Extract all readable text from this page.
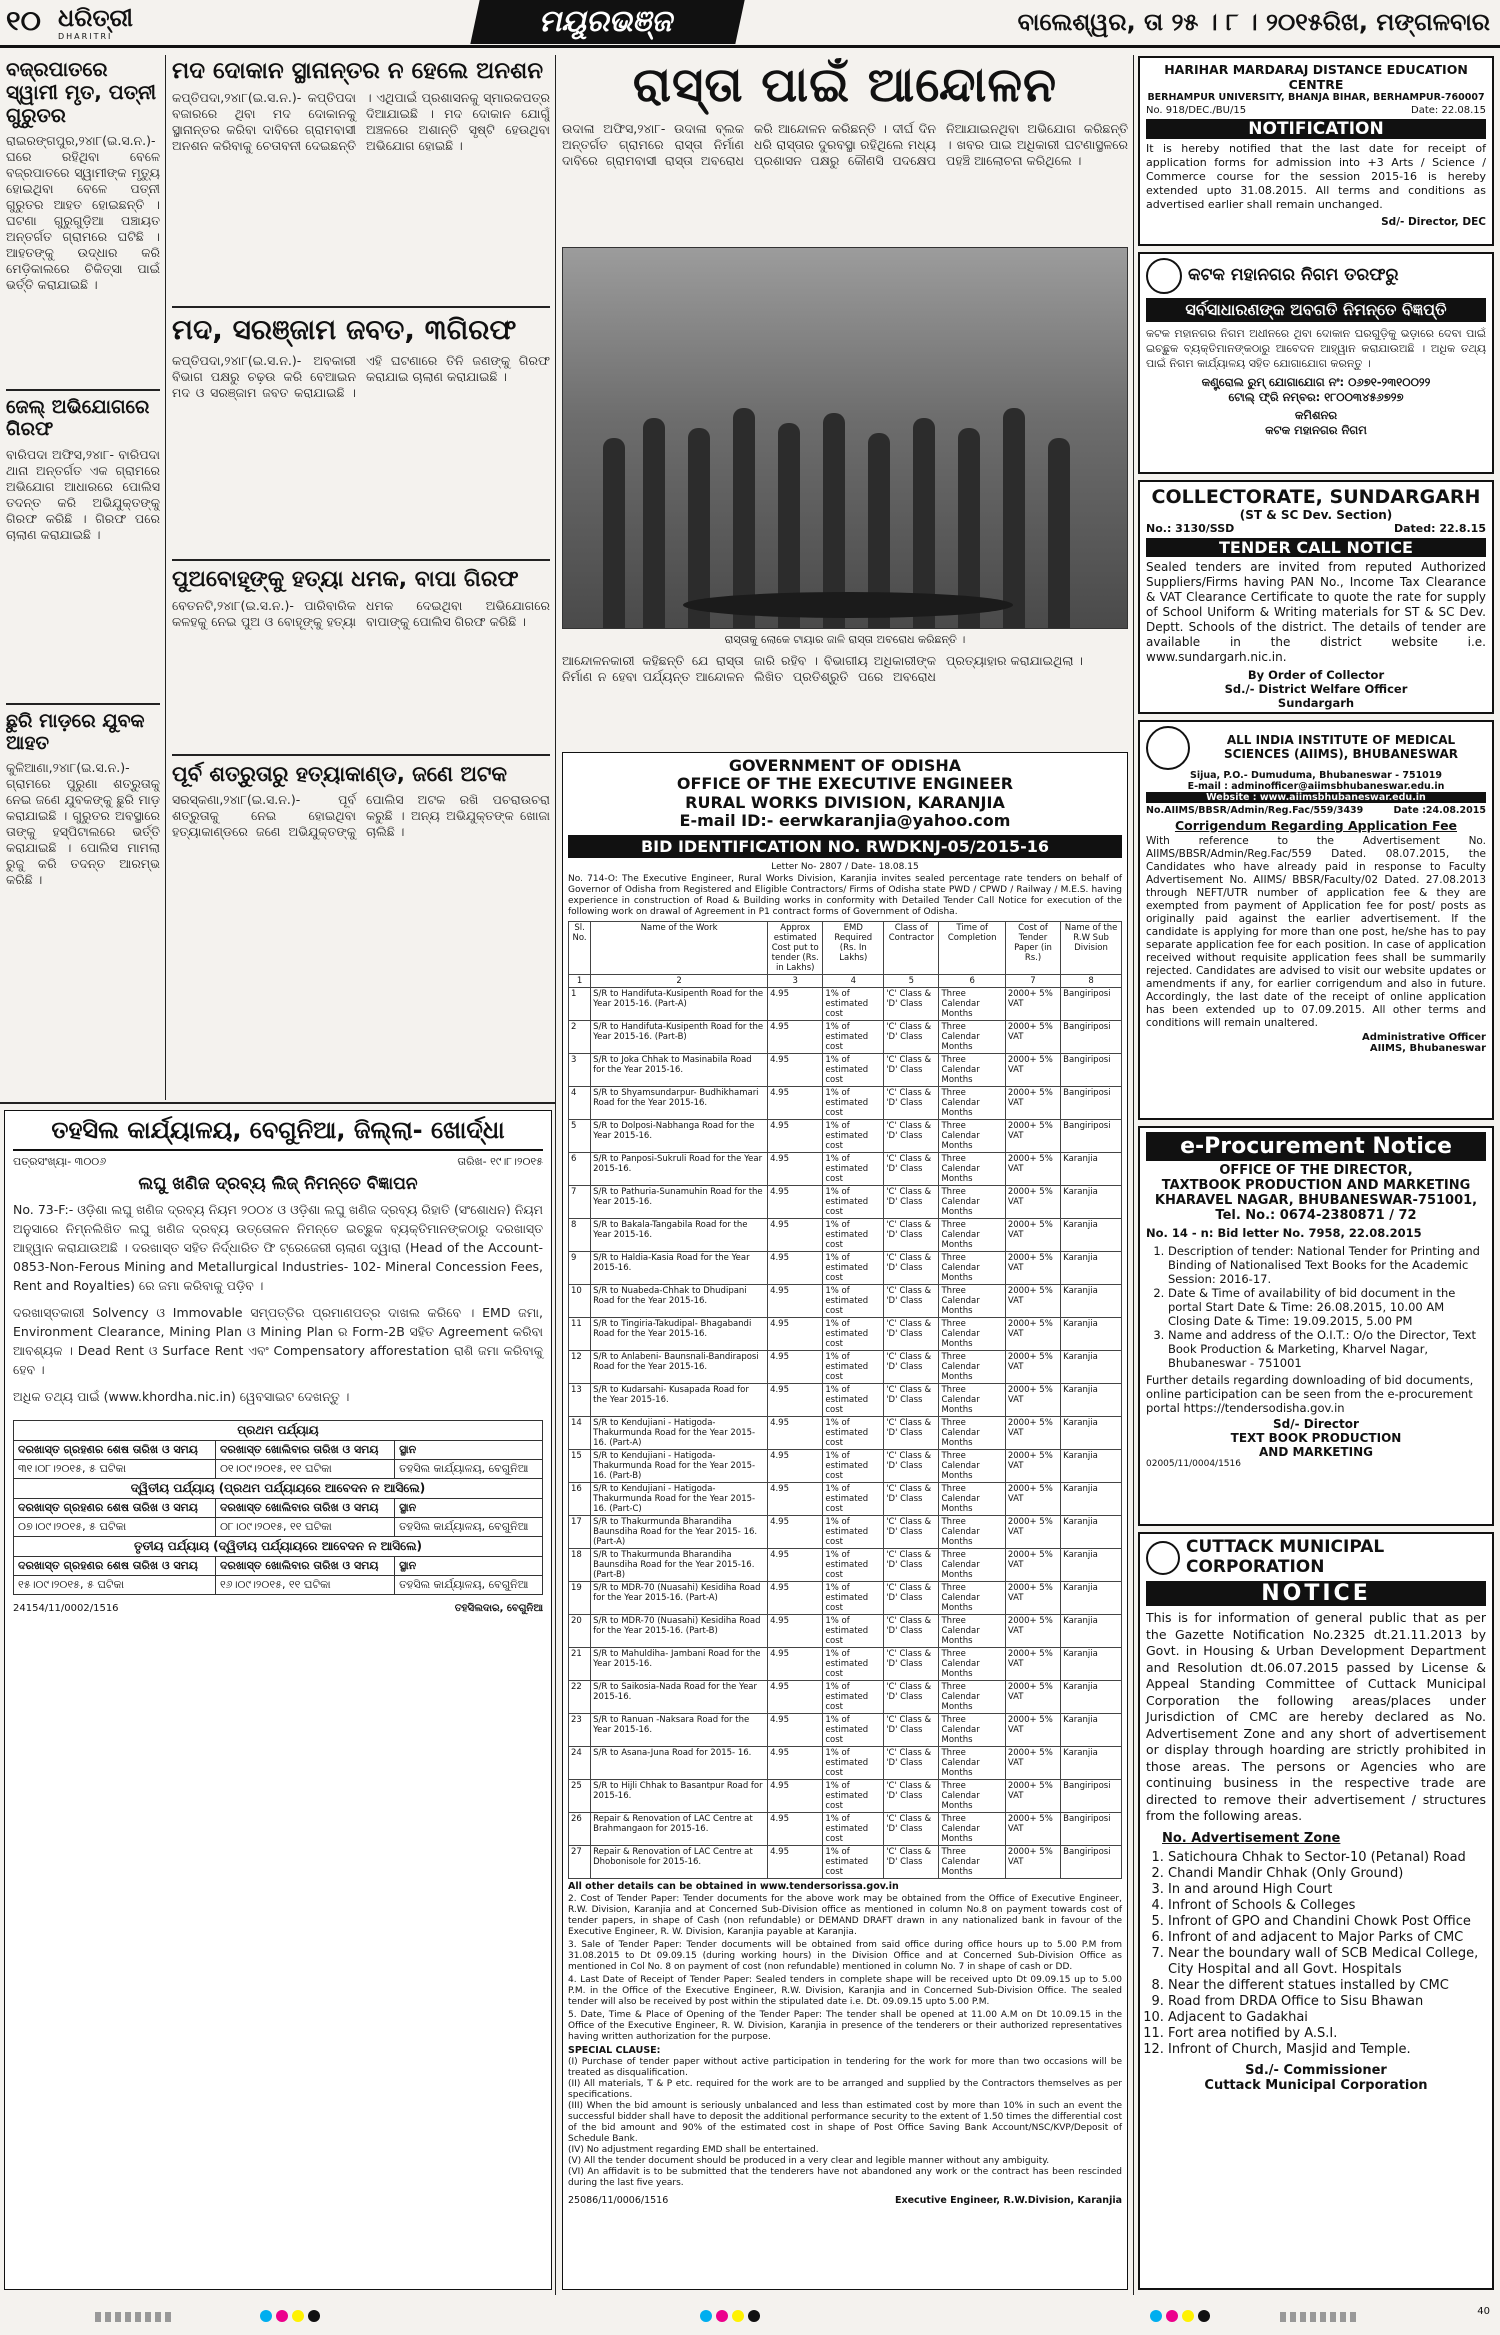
୧୦ ଧରିତ୍ରୀ
DHARITRI	ମୟୂରଭଞ୍ଜ	ବାଲେଶ୍ୱର, ତା ୨୫ । ୮ । ୨୦୧୫ରିଖ, ମଙ୍ଗଳବାର
ବଜ୍ରପାତରେ ସ୍ୱାମୀ ମୃତ, ପତ୍ନୀ ଗୁରୁତର
ରାଇରଙ୍ଗପୁର,୨୪ା୮(ଇ.ସ.ନ.)- ଘରେ ରହିଥିବା ବେଳେ ବଜ୍ରପାତରେ ସ୍ୱାମୀଙ୍କ ମୃତ୍ୟୁ ହୋଇଥିବା ବେଳେ ପତ୍ନୀ ଗୁରୁତର ଆହତ ହୋଇଛନ୍ତି । ଘଟଣା ଗୁରୁଗୁଡ଼ିଆ ପଞ୍ଚାୟତ ଅନ୍ତର୍ଗତ ଗ୍ରାମରେ ଘଟିଛି । ଆହତଙ୍କୁ ଉଦ୍ଧାର କରି ମେଡ଼ିକାଲରେ ଚିକିତ୍ସା ପାଇଁ ଭର୍ତ୍ତି କରାଯାଇଛି ।
ଜେଲ୍ ଅଭିଯୋଗରେ ଗିରଫ
ବାରିପଦା ଅଫିସ,୨୪ା୮- ବାରିପଦା ଥାନା ଅନ୍ତର୍ଗତ ଏକ ଗ୍ରାମରେ ଅଭିଯୋଗ ଆଧାରରେ ପୋଲିସ ତଦନ୍ତ କରି ଅଭିଯୁକ୍ତଙ୍କୁ ଗିରଫ କରିଛି । ଗିରଫ ପରେ ଚାଲାଣ କରାଯାଇଛି ।
ଛୁରି ମାଡ଼ରେ ଯୁବକ ଆହତ
କୁଳିଆଣା,୨୪ା୮(ଇ.ସ.ନ.)- ଗ୍ରାମରେ ପୁରୁଣା ଶତ୍ରୁତାକୁ ନେଇ ଜଣେ ଯୁବକଙ୍କୁ ଛୁରି ମାଡ଼ କରାଯାଇଛି । ଗୁରୁତର ଅବସ୍ଥାରେ ତାଙ୍କୁ ହସ୍ପିଟାଲରେ ଭର୍ତ୍ତି କରାଯାଇଛି । ପୋଲିସ ମାମଲା ରୁଜୁ କରି ତଦନ୍ତ ଆରମ୍ଭ କରିଛି ।
ମଦ ଦୋକାନ ସ୍ଥାନାନ୍ତର ନ ହେଲେ ଅନଶନ
କପ୍ତିପଦା,୨୪ା୮(ଇ.ସ.ନ.)- କପ୍ତିପଦା ବଜାରରେ ଥିବା ମଦ ଦୋକାନକୁ ସ୍ଥାନାନ୍ତର କରିବା ଦାବିରେ ଗ୍ରାମବାସୀ ଅନଶନ କରିବାକୁ ଚେତାବନୀ ଦେଇଛନ୍ତି । ଏଥିପାଇଁ ପ୍ରଶାସନକୁ ସ୍ମାରକପତ୍ର ଦିଆଯାଇଛି । ମଦ ଦୋକାନ ଯୋଗୁଁ ଅଞ୍ଚଳରେ ଅଶାନ୍ତି ସୃଷ୍ଟି ହେଉଥିବା ଅଭିଯୋଗ ହୋଇଛି ।
ମଦ, ସରଞ୍ଜାମ ଜବତ, ୩ଗିରଫ
କପ୍ତିପଦା,୨୪ା୮(ଇ.ସ.ନ.)- ଅବକାରୀ ବିଭାଗ ପକ୍ଷରୁ ଚଢ଼ଉ କରି ବେଆଇନ ମଦ ଓ ସରଞ୍ଜାମ ଜବତ କରାଯାଇଛି । ଏହି ଘଟଣାରେ ତିନି ଜଣଙ୍କୁ ଗିରଫ କରାଯାଇ ଚାଲାଣ କରାଯାଇଛି ।
ପୁଅବୋହୂଙ୍କୁ ହତ୍ୟା ଧମକ, ବାପା ଗିରଫ
ବେତନଟି,୨୪ା୮(ଇ.ସ.ନ.)- ପାରିବାରିକ କଳହକୁ ନେଇ ପୁଅ ଓ ବୋହୂଙ୍କୁ ହତ୍ୟା ଧମକ ଦେଇଥିବା ଅଭିଯୋଗରେ ବାପାଙ୍କୁ ପୋଲିସ ଗିରଫ କରିଛି ।
ପୂର୍ବ ଶତ୍ରୁତାରୁ ହତ୍ୟାକାଣ୍ଡ, ଜଣେ ଅଟକ
ସରସ୍କଣା,୨୪ା୮(ଇ.ସ.ନ.)- ପୂର୍ବ ଶତ୍ରୁତାକୁ ନେଇ ହୋଇଥିବା ହତ୍ୟାକାଣ୍ଡରେ ଜଣେ ଅଭିଯୁକ୍ତଙ୍କୁ ପୋଲିସ ଅଟକ ରଖି ପଚରାଉଚରା କରୁଛି । ଅନ୍ୟ ଅଭିଯୁକ୍ତଙ୍କ ଖୋଜା ଚାଲିଛି ।
ତହସିଲ କାର୍ଯ୍ୟାଳୟ, ବେଗୁନିଆ, ଜିଲ୍ଲା- ଖୋର୍ଦ୍ଧା
ପତ୍ରସଂଖ୍ୟା- ୩୦୦୬	ତାରିଖ- ୧୯।୮।୨୦୧୫
ଲଘୁ ଖଣିଜ ଦ୍ରବ୍ୟ ଲିଜ୍ ନିମନ୍ତେ ବିଜ୍ଞାପନ
No. 73-F:- ଓଡ଼ିଶା ଲଘୁ ଖଣିଜ ଦ୍ରବ୍ୟ ନିୟମ ୨୦୦୪ ଓ ଓଡ଼ିଶା ଲଘୁ ଖଣିଜ ଦ୍ରବ୍ୟ ରିହାତି (ସଂଶୋଧନ) ନିୟମ ଅନୁସାରେ ନିମ୍ନଲିଖିତ ଲଘୁ ଖଣିଜ ଦ୍ରବ୍ୟ ଉତ୍ତୋଳନ ନିମନ୍ତେ ଇଚ୍ଛୁକ ବ୍ୟକ୍ତିମାନଙ୍କଠାରୁ ଦରଖାସ୍ତ ଆହ୍ୱାନ କରାଯାଉଅଛି । ଦରଖାସ୍ତ ସହିତ ନିର୍ଦ୍ଧାରିତ ଫି ଟ୍ରେଜେରୀ ଚାଲାଣ ଦ୍ୱାରା (Head of the Account-0853-Non-Ferous Mining and Metallurgical Industries- 102- Mineral Concession Fees, Rent and Royalties) ରେ ଜମା କରିବାକୁ ପଡ଼ିବ ।
ଦରଖାସ୍ତକାରୀ Solvency ଓ Immovable ସମ୍ପତ୍ତିର ପ୍ରମାଣପତ୍ର ଦାଖଲ କରିବେ । EMD ଜମା, Environment Clearance, Mining Plan ଓ Mining Plan ର Form-2B ସହିତ Agreement କରିବା ଆବଶ୍ୟକ । Dead Rent ଓ Surface Rent ଏବଂ Compensatory afforestation ରାଶି ଜମା କରିବାକୁ ହେବ ।
ଅଧିକ ତଥ୍ୟ ପାଇଁ (www.khordha.nic.in) ୱେବସାଇଟ ଦେଖନ୍ତୁ ।
ପ୍ରଥମ ପର୍ଯ୍ୟାୟ
ଦରଖାସ୍ତ ଗ୍ରହଣର ଶେଷ ତାରିଖ ଓ ସମୟ	ଦରଖାସ୍ତ ଖୋଲିବାର ତାରିଖ ଓ ସମୟ	ସ୍ଥାନ
୩୧।୦୮।୨୦୧୫, ୫ ଘଟିକା	୦୧।୦୯।୨୦୧୫, ୧୧ ଘଟିକା	ତହସିଲ କାର୍ଯ୍ୟାଳୟ, ବେଗୁନିଆ
ଦ୍ୱିତୀୟ ପର୍ଯ୍ୟାୟ (ପ୍ରଥମ ପର୍ଯ୍ୟାୟରେ ଆବେଦନ ନ ଆସିଲେ)
ଦରଖାସ୍ତ ଗ୍ରହଣର ଶେଷ ତାରିଖ ଓ ସମୟ	ଦରଖାସ୍ତ ଖୋଲିବାର ତାରିଖ ଓ ସମୟ	ସ୍ଥାନ
୦୭।୦୯।୨୦୧୫, ୫ ଘଟିକା	୦୮।୦୯।୨୦୧୫, ୧୧ ଘଟିକା	ତହସିଲ କାର୍ଯ୍ୟାଳୟ, ବେଗୁନିଆ
ତୃତୀୟ ପର୍ଯ୍ୟାୟ (ଦ୍ୱିତୀୟ ପର୍ଯ୍ୟାୟରେ ଆବେଦନ ନ ଆସିଲେ)
ଦରଖାସ୍ତ ଗ୍ରହଣର ଶେଷ ତାରିଖ ଓ ସମୟ	ଦରଖାସ୍ତ ଖୋଲିବାର ତାରିଖ ଓ ସମୟ	ସ୍ଥାନ
୧୫।୦୯।୨୦୧୫, ୫ ଘଟିକା	୧୬।୦୯।୨୦୧୫, ୧୧ ଘଟିକା	ତହସିଲ କାର୍ଯ୍ୟାଳୟ, ବେଗୁନିଆ
24154/11/0002/1516	ତହସିଲଦାର, ବେଗୁନିଆ
ରାସ୍ତା ପାଇଁ ଆନ୍ଦୋଳନ
ଉଦାଳା ଅଫିସ,୨୪ା୮- ଉଦାଳା ବ୍ଲକ ଅନ୍ତର୍ଗତ ଗ୍ରାମରେ ରାସ୍ତା ନିର୍ମାଣ ଦାବିରେ ଗ୍ରାମବାସୀ ରାସ୍ତା ଅବରୋଧ କରି ଆନ୍ଦୋଳନ କରିଛନ୍ତି । ଦୀର୍ଘ ଦିନ ଧରି ରାସ୍ତାର ଦୁରବସ୍ଥା ରହିଥିଲେ ମଧ୍ୟ ପ୍ରଶାସନ ପକ୍ଷରୁ କୌଣସି ପଦକ୍ଷେପ ନିଆଯାଇନଥିବା ଅଭିଯୋଗ କରିଛନ୍ତି । ଖବର ପାଇ ଅଧିକାରୀ ଘଟଣାସ୍ଥଳରେ ପହଞ୍ଚି ଆଲୋଚନା କରିଥିଲେ ।
ରାସ୍ତାକୁ ଲୋକେ ଟାୟାର ଜାଳି ରାସ୍ତା ଅବରୋଧ କରିଛନ୍ତି ।
ଆନ୍ଦୋଳନକାରୀ କହିଛନ୍ତି ଯେ ରାସ୍ତା ନିର୍ମାଣ ନ ହେବା ପର୍ଯ୍ୟନ୍ତ ଆନ୍ଦୋଳନ ଜାରି ରହିବ । ବିଭାଗୀୟ ଅଧିକାରୀଙ୍କ ଲିଖିତ ପ୍ରତିଶ୍ରୁତି ପରେ ଅବରୋଧ ପ୍ରତ୍ୟାହାର କରାଯାଇଥିଲା ।
GOVERNMENT OF ODISHA
OFFICE OF THE EXECUTIVE ENGINEER
RURAL WORKS DIVISION, KARANJIA
E-mail ID:- eerwkaranjia@yahoo.com
BID IDENTIFICATION NO. RWDKNJ-05/2015-16
Letter No- 2807 / Date- 18.08.15
No. 714-O: The Executive Engineer, Rural Works Division, Karanjia invites sealed percentage rate tenders on behalf of Governor of Odisha from Registered and Eligible Contractors/ Firms of Odisha state PWD / CPWD / Railway / M.E.S. having experience in construction of Road & Building works in conformity with Detailed Tender Call Notice for execution of the following work on drawal of Agreement in P1 contract forms of Government of Odisha.
Sl. No.	Name of the Work	Approx estimated Cost put to tender (Rs. in Lakhs)	EMD Required (Rs. In Lakhs)	Class of Contractor	Time of Completion	Cost of Tender Paper (in Rs.)	Name of the R.W Sub Division
1	2	3	4	5	6	7	8
1	S/R to Handifuta-Kusipenth Road for the Year 2015-16. (Part-A)	4.95	1% of estimated cost	'C' Class & 'D' Class	Three Calendar Months	2000+ 5% VAT	Bangiriposi
2	S/R to Handifuta-Kusipenth Road for the Year 2015-16. (Part-B)	4.95	1% of estimated cost	'C' Class & 'D' Class	Three Calendar Months	2000+ 5% VAT	Bangiriposi
3	S/R to Joka Chhak to Masinabila Road for the Year 2015-16.	4.95	1% of estimated cost	'C' Class & 'D' Class	Three Calendar Months	2000+ 5% VAT	Bangiriposi
4	S/R to Shyamsundarpur- Budhikhamari Road for the Year 2015-16.	4.95	1% of estimated cost	'C' Class & 'D' Class	Three Calendar Months	2000+ 5% VAT	Bangiriposi
5	S/R to Dolposi-Nabhanga Road for the Year 2015-16.	4.95	1% of estimated cost	'C' Class & 'D' Class	Three Calendar Months	2000+ 5% VAT	Bangiriposi
6	S/R to Panposi-Sukruli Road for the Year 2015-16.	4.95	1% of estimated cost	'C' Class & 'D' Class	Three Calendar Months	2000+ 5% VAT	Karanjia
7	S/R to Pathuria-Sunamuhin Road for the Year 2015-16.	4.95	1% of estimated cost	'C' Class & 'D' Class	Three Calendar Months	2000+ 5% VAT	Karanjia
8	S/R to Bakala-Tangabila Road for the Year 2015-16.	4.95	1% of estimated cost	'C' Class & 'D' Class	Three Calendar Months	2000+ 5% VAT	Karanjia
9	S/R to Haldia-Kasia Road for the Year 2015-16.	4.95	1% of estimated cost	'C' Class & 'D' Class	Three Calendar Months	2000+ 5% VAT	Karanjia
10	S/R to Nuabeda-Chhak to Dhudipani Road for the Year 2015-16.	4.95	1% of estimated cost	'C' Class & 'D' Class	Three Calendar Months	2000+ 5% VAT	Karanjia
11	S/R to Tingiria-Takudipal- Bhagabandi Road for the Year 2015-16.	4.95	1% of estimated cost	'C' Class & 'D' Class	Three Calendar Months	2000+ 5% VAT	Karanjia
12	S/R to Anlabeni- Baunsnali-Bandiraposi Road for the Year 2015-16.	4.95	1% of estimated cost	'C' Class & 'D' Class	Three Calendar Months	2000+ 5% VAT	Karanjia
13	S/R to Kudarsahi- Kusapada Road for the Year 2015-16.	4.95	1% of estimated cost	'C' Class & 'D' Class	Three Calendar Months	2000+ 5% VAT	Karanjia
14	S/R to Kendujiani - Hatigoda- Thakurmunda Road for the Year 2015-16. (Part-A)	4.95	1% of estimated cost	'C' Class & 'D' Class	Three Calendar Months	2000+ 5% VAT	Karanjia
15	S/R to Kendujiani - Hatigoda- Thakurmunda Road for the Year 2015-16. (Part-B)	4.95	1% of estimated cost	'C' Class & 'D' Class	Three Calendar Months	2000+ 5% VAT	Karanjia
16	S/R to Kendujiani - Hatigoda- Thakurmunda Road for the Year 2015-16. (Part-C)	4.95	1% of estimated cost	'C' Class & 'D' Class	Three Calendar Months	2000+ 5% VAT	Karanjia
17	S/R to Thakurmunda Bharandiha Baunsdiha Road for the Year 2015- 16. (Part-A)	4.95	1% of estimated cost	'C' Class & 'D' Class	Three Calendar Months	2000+ 5% VAT	Karanjia
18	S/R to Thakurmunda Bharandiha Baunsdiha Road for the Year 2015-16. (Part-B)	4.95	1% of estimated cost	'C' Class & 'D' Class	Three Calendar Months	2000+ 5% VAT	Karanjia
19	S/R to MDR-70 (Nuasahi) Kesidiha Road for the Year 2015-16. (Part-A)	4.95	1% of estimated cost	'C' Class & 'D' Class	Three Calendar Months	2000+ 5% VAT	Karanjia
20	S/R to MDR-70 (Nuasahi) Kesidiha Road for the Year 2015-16. (Part-B)	4.95	1% of estimated cost	'C' Class & 'D' Class	Three Calendar Months	2000+ 5% VAT	Karanjia
21	S/R to Mahuldiha- Jambani Road for the Year 2015-16.	4.95	1% of estimated cost	'C' Class & 'D' Class	Three Calendar Months	2000+ 5% VAT	Karanjia
22	S/R to Saikosia-Nada Road for the Year 2015-16.	4.95	1% of estimated cost	'C' Class & 'D' Class	Three Calendar Months	2000+ 5% VAT	Karanjia
23	S/R to Ranuan -Naksara Road for the Year 2015-16.	4.95	1% of estimated cost	'C' Class & 'D' Class	Three Calendar Months	2000+ 5% VAT	Karanjia
24	S/R to Asana-Juna Road for 2015- 16.	4.95	1% of estimated cost	'C' Class & 'D' Class	Three Calendar Months	2000+ 5% VAT	Karanjia
25	S/R to Hijli Chhak to Basantpur Road for 2015-16.	4.95	1% of estimated cost	'C' Class & 'D' Class	Three Calendar Months	2000+ 5% VAT	Bangiriposi
26	Repair & Renovation of LAC Centre at Brahmangaon for 2015-16.	4.95	1% of estimated cost	'C' Class & 'D' Class	Three Calendar Months	2000+ 5% VAT	Bangiriposi
27	Repair & Renovation of LAC Centre at Dhobonisole for 2015-16.	4.95	1% of estimated cost	'C' Class & 'D' Class	Three Calendar Months	2000+ 5% VAT	Bangiriposi
All other details can be obtained in www.tendersorissa.gov.in
2. Cost of Tender Paper: Tender documents for the above work may be obtained from the Office of Executive Engineer, R.W. Division, Karanjia and at Concerned Sub-Division office as mentioned in column No.8 on payment towards cost of tender papers, in shape of Cash (non refundable) or DEMAND DRAFT drawn in any nationalized bank in favour of the Executive Engineer, R. W. Division, Karanjia payable at Karanjia.
3. Sale of Tender Paper: Tender documents will be obtained from said office during office hours up to 5.00 P.M from 31.08.2015 to Dt 09.09.15 (during working hours) in the Division Office and at Concerned Sub-Division Office as mentioned in Col No. 8 on payment of cost (non refundable) mentioned in column No. 7 in shape of cash or DD.
4. Last Date of Receipt of Tender Paper: Sealed tenders in complete shape will be received upto Dt 09.09.15 up to 5.00 P.M. in the Office of the Executive Engineer, R.W. Division, Karanjia and in Concerned Sub-Division Office. The sealed tender will also be received by post within the stipulated date i.e. Dt. 09.09.15 upto 5.00 P.M.
5. Date, Time & Place of Opening of the Tender Paper: The tender shall be opened at 11.00 A.M on Dt 10.09.15 in the Office of the Executive Engineer, R. W. Division, Karanjia in presence of the tenderers or their authorized representatives having written authorization for the purpose.
SPECIAL CLAUSE:
(I) Purchase of tender paper without active participation in tendering for the work for more than two occasions will be treated as disqualification.
(II) All materials, T & P etc. required for the work are to be arranged and supplied by the Contractors themselves as per specifications.
(III) When the bid amount is seriously unbalanced and less than estimated cost by more than 10% in such an event the successful bidder shall have to deposit the additional performance security to the extent of 1.50 times the differential cost of the bid amount and 90% of the estimated cost in shape of Post Office Saving Bank Account/NSC/KVP/Deposit of Schedule Bank.
(IV) No adjustment regarding EMD shall be entertained.
(V) All the tender document should be produced in a very clear and legible manner without any ambiguity.
(VI) An affidavit is to be submitted that the tenderers have not abandoned any work or the contract has been rescinded during the last five years.
25086/11/0006/1516	Executive Engineer, R.W.Division, Karanjia
HARIHAR MARDARAJ DISTANCE EDUCATION CENTRE
BERHAMPUR UNIVERSITY, BHANJA BIHAR, BERHAMPUR-760007
No. 918/DEC./BU/15	Date: 22.08.15
NOTIFICATION
It is hereby notified that the last date for receipt of application forms for admission into +3 Arts / Science / Commerce course for the session 2015-16 is hereby extended upto 31.08.2015. All terms and conditions as advertised earlier shall remain unchanged.
Sd/- Director, DEC
କଟକ ମହାନଗର ନିଗମ ତରଫରୁ
ସର୍ବସାଧାରଣଙ୍କ ଅବଗତି ନିମନ୍ତେ ବିଜ୍ଞପ୍ତି
କଟକ ମହାନଗର ନିଗମ ଅଧୀନରେ ଥିବା ଦୋକାନ ଘରଗୁଡ଼ିକୁ ଭଡ଼ାରେ ଦେବା ପାଇଁ ଇଚ୍ଛୁକ ବ୍ୟକ୍ତିମାନଙ୍କଠାରୁ ଆବେଦନ ଆହ୍ୱାନ କରାଯାଉଅଛି । ଅଧିକ ତଥ୍ୟ ପାଇଁ ନିଗମ କାର୍ଯ୍ୟାଳୟ ସହିତ ଯୋଗାଯୋଗ କରନ୍ତୁ ।
କଣ୍ଟ୍ରୋଲ ରୁମ୍ ଯୋଗାଯୋଗ ନଂ: ୦୬୭୧-୨୩୧୦୦୨୨
ଟୋଲ୍ ଫ୍ରି ନମ୍ବର: ୧୮୦୦୩୪୫୬୭୨୭
କମିଶନର
କଟକ ମହାନଗର ନିଗମ
COLLECTORATE, SUNDARGARH
(ST & SC Dev. Section)
No.: 3130/SSD	Dated: 22.8.15
TENDER CALL NOTICE
Sealed tenders are invited from reputed Authorized Suppliers/Firms having PAN No., Income Tax Clearance & VAT Clearance Certificate to quote the rate for supply of School Uniform & Writing materials for ST & SC Dev. Deptt. Schools of the district. The details of tender are available in the district website i.e. www.sundargarh.nic.in.
By Order of Collector
Sd./- District Welfare Officer
Sundargarh
ALL INDIA INSTITUTE OF MEDICAL SCIENCES (AIIMS), BHUBANESWAR
Sijua, P.O.- Dumuduma, Bhubaneswar - 751019
E-mail : adminofficer@aiimsbhubaneswar.edu.in
Website : www.aiimsbhubaneswar.edu.in
No.AIIMS/BBSR/Admin/Reg.Fac/559/3439	Date :24.08.2015
Corrigendum Regarding Application Fee
With reference to the Advertisement No. AIIMS/BBSR/Admin/Reg.Fac/559 Dated. 08.07.2015, the Candidates who have already paid in response to Faculty Advertisement No. AIIMS/ BBSR/Faculty/02 Dated. 27.08.2013 through NEFT/UTR number of application fee & they are exempted from payment of Application fee for post/ posts as originally paid against the earlier advertisement. If the candidate is applying for more than one post, he/she has to pay separate application fee for each position. In case of application received without requisite application fees shall be summarily rejected. Candidates are advised to visit our website updates or amendments if any, for earlier corrigendum and also in future. Accordingly, the last date of the receipt of online application has been extended up to 07.09.2015. All other terms and conditions will remain unaltered.
Administrative Officer
AIIMS, Bhubaneswar
e-Procurement Notice
OFFICE OF THE DIRECTOR,
TAXTBOOK PRODUCTION AND MARKETING
KHARAVEL NAGAR, BHUBANESWAR-751001,
Tel. No.: 0674-2380871 / 72
No. 14 - n: Bid letter No. 7958, 22.08.2015
1. Description of tender: National Tender for Printing and Binding of Nationalised Text Books for the Academic Session: 2016-17.
2. Date & Time of availability of bid document in the portal Start Date & Time: 26.08.2015, 10.00 AM Closing Date & Time: 19.09.2015, 5.00 PM
3. Name and address of the O.I.T.: O/o the Director, Text Book Production & Marketing, Kharvel Nagar, Bhubaneswar - 751001
Further details regarding downloading of bid documents, online participation can be seen from the e-procurement portal https://tendersodisha.gov.in
Sd/- Director
TEXT BOOK PRODUCTION
AND MARKETING
02005/11/0004/1516
CUTTACK MUNICIPAL CORPORATION
NOTICE
This is for information of general public that as per the Gazette Notification No.2325 dt.21.11.2013 by Govt. in Housing & Urban Development Department and Resolution dt.06.07.2015 passed by License & Appeal Standing Committee of Cuttack Municipal Corporation the following areas/places under Jurisdiction of CMC are hereby declared as No. Advertisement Zone and any short of advertisement or display through hoarding are strictly prohibited in those areas. The persons or Agencies who are continuing business in the respective trade are directed to remove their advertisement / structures from the following areas.
No. Advertisement Zone
1. Satichoura Chhak to Sector-10 (Petanal) Road
2. Chandi Mandir Chhak (Only Ground)
3. In and around High Court
4. Infront of Schools & Colleges
5. Infront of GPO and Chandini Chowk Post Office
6. Infront of and adjacent to Major Parks of CMC
7. Near the boundary wall of SCB Medical College, City Hospital and all Govt. Hospitals
8. Near the different statues installed by CMC
9. Road from DRDA Office to Sisu Bhawan
10. Adjacent to Gadakhai
11. Fort area notified by A.S.I.
12. Infront of Church, Masjid and Temple.
Sd./- Commissioner
Cuttack Municipal Corporation
40
